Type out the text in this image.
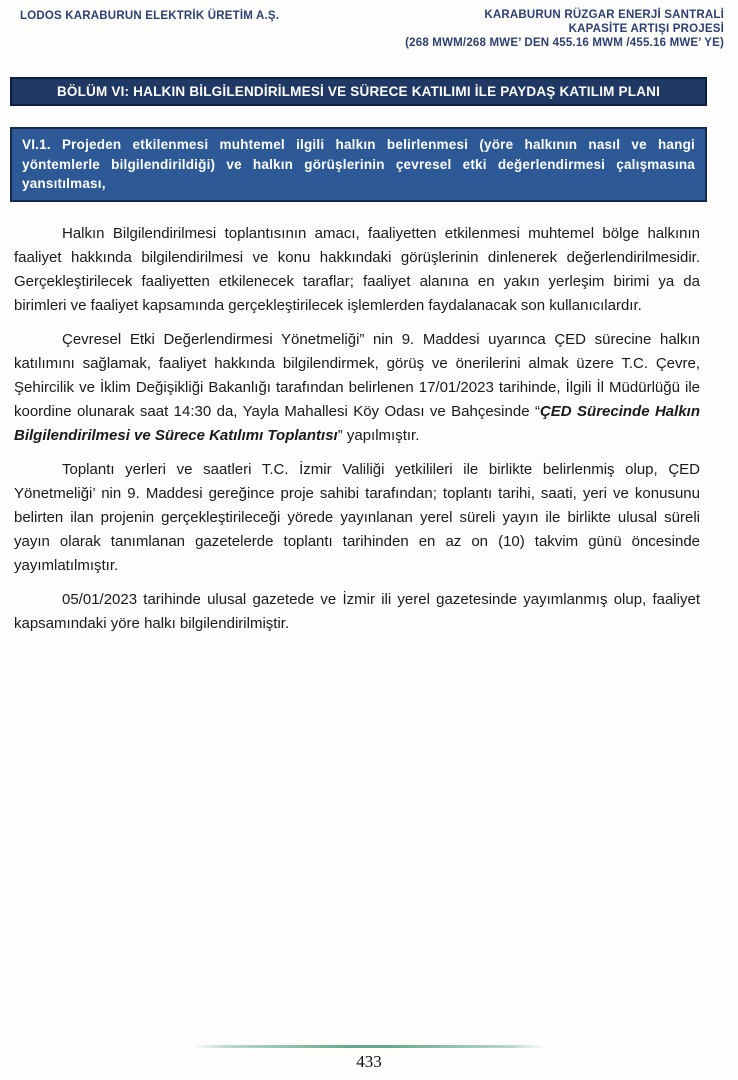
LODOS KARABURUN ELEKTRİK ÜRETİM A.Ş.	KARABURUN RÜZGAR ENERJİ SANTRALİ
KAPASİTE ARTIŞI PROJESİ
(268 MWM/268 MWE’ DEN 455.16 MWM /455.16 MWE’ YE)
BÖLÜM VI: HALKIN BİLGİLENDİRİLMESİ VE SÜRECE KATILIMI İLE PAYDAŞ KATILIM PLANI
VI.1. Projeden etkilenmesi muhtemel ilgili halkın belirlenmesi (yöre halkının nasıl ve hangi yöntemlerle bilgilendirildiği) ve halkın görüşlerinin çevresel etki değerlendirmesi çalışmasına yansıtılması,

Halkın Bilgilendirilmesi toplantısının amacı, faaliyetten etkilenmesi muhtemel bölge halkının faaliyet hakkında bilgilendirilmesi ve konu hakkındaki görüşlerinin dinlenerek değerlendirilmesidir. Gerçekleştirilecek faaliyetten etkilenecek taraflar; faaliyet alanına en yakın yerleşim birimi ya da birimleri ve faaliyet kapsamında gerçekleştirilecek işlemlerden faydalanacak son kullanıcılardır.

Çevresel Etki Değerlendirmesi Yönetmeliği” nin 9. Maddesi uyarınca ÇED sürecine halkın katılımını sağlamak, faaliyet hakkında bilgilendirmek, görüş ve önerilerini almak üzere T.C. Çevre, Şehircilik ve İklim Değişikliği Bakanlığı tarafından belirlenen 17/01/2023 tarihinde, İlgili İl Müdürlüğü ile koordine olunarak saat 14:30 da, Yayla Mahallesi Köy Odası ve Bahçesinde “ÇED Sürecinde Halkın Bilgilendirilmesi ve Sürece Katılımı Toplantısı” yapılmıştır.

Toplantı yerleri ve saatleri T.C. İzmir Valiliği yetkilileri ile birlikte belirlenmiş olup, ÇED Yönetmeliği’ nin 9. Maddesi gereğince proje sahibi tarafından; toplantı tarihi, saati, yeri ve konusunu belirten ilan projenin gerçekleştirileceği yörede yayınlanan yerel süreli yayın ile birlikte ulusal süreli yayın olarak tanımlanan gazetelerde toplantı tarihinden en az on (10) takvim günü öncesinde yayımlatılmıştır.

05/01/2023 tarihinde ulusal gazetede ve İzmir ili yerel gazetesinde yayımlanmış olup, faaliyet kapsamındaki yöre halkı bilgilendirilmiştir.

433
